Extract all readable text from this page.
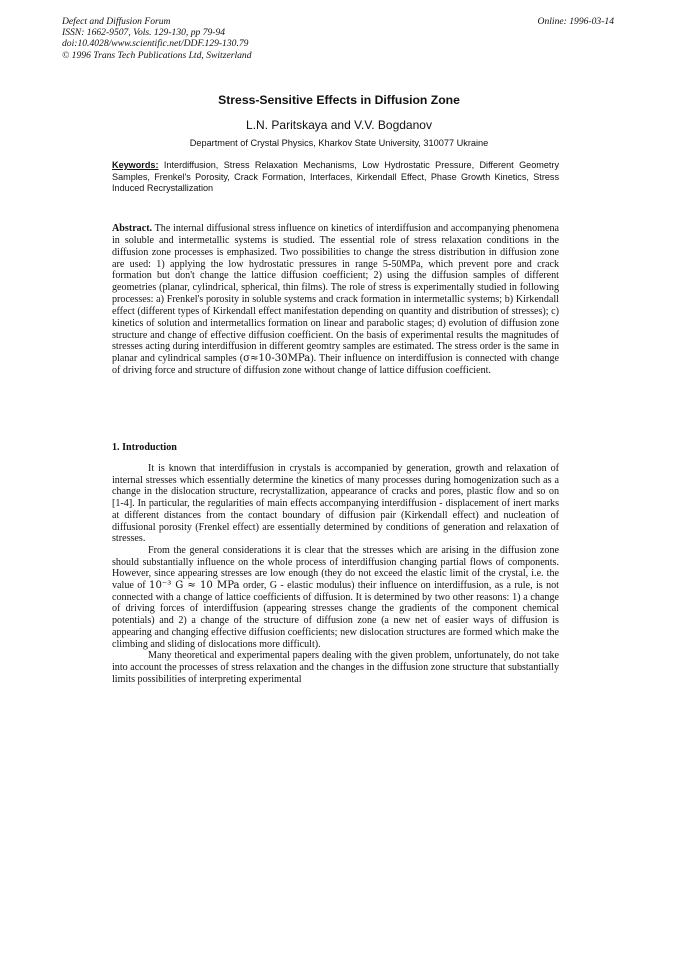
Defect and Diffusion Forum
ISSN: 1662-9507, Vols. 129-130, pp 79-94
doi:10.4028/www.scientific.net/DDF.129-130.79
© 1996 Trans Tech Publications Ltd, Switzerland
Online: 1996-03-14
Stress-Sensitive Effects in Diffusion Zone
L.N. Paritskaya and V.V. Bogdanov
Department of Crystal Physics, Kharkov State University, 310077 Ukraine
Keywords: Interdiffusion, Stress Relaxation Mechanisms, Low Hydrostatic Pressure, Different Geometry Samples, Frenkel's Porosity, Crack Formation, Interfaces, Kirkendall Effect, Phase Growth Kinetics, Stress Induced Recrystallization
Abstract. The internal diffusional stress influence on kinetics of interdiffusion and accompanying phenomena in soluble and intermetallic systems is studied. The essential role of stress relaxation conditions in the diffusion zone processes is emphasized. Two possibilities to change the stress distribution in diffusion zone are used: 1) applying the low hydrostatic pressures in range 5-50MPa, which prevent pore and crack formation but don't change the lattice diffusion coefficient; 2) using the diffusion samples of different geometries (planar, cylindrical, spherical, thin films). The role of stress is experimentally studied in following processes: a) Frenkel's porosity in soluble systems and crack formation in intermetallic systems; b) Kirkendall effect (different types of Kirkendall effect manifestation depending on quantity and distribution of stresses); c) kinetics of solution and intermetallics formation on linear and parabolic stages; d) evolution of diffusion zone structure and change of effective diffusion coefficient. On the basis of experimental results the magnitudes of stresses acting during interdiffusion in different geomtry samples are estimated. The stress order is the same in planar and cylindrical samples (σ≈10-30MPa). Their influence on interdiffusion is connected with change of driving force and structure of diffusion zone without change of lattice diffusion coefficient.
1. Introduction

It is known that interdiffusion in crystals is accompanied by generation, growth and relaxation of internal stresses which essentially determine the kinetics of many processes during homogenization such as a change in the dislocation structure, recrystallization, appearance of cracks and pores, plastic flow and so on [1-4]. In particular, the regularities of main effects accompanying interdiffusion - displacement of inert marks at different distances from the contact boundary of diffusion pair (Kirkendall effect) and nucleation of diffusional porosity (Frenkel effect) are essentially determined by conditions of generation and relaxation of stresses.

From the general considerations it is clear that the stresses which are arising in the diffusion zone should substantially influence on the whole process of interdiffusion changing partial flows of components. However, since appearing stresses are low enough (they do not exceed the elastic limit of the crystal, i.e. the value of 10⁻³ G ≈ 10 MPa order, G - elastic modulus) their influence on interdiffusion, as a rule, is not connected with a change of lattice coefficients of diffusion. It is determined by two other reasons: 1) a change of driving forces of interdiffusion (appearing stresses change the gradients of the component chemical potentials) and 2) a change of the structure of diffusion zone (a new net of easier ways of diffusion is appearing and changing effective diffusion coefficients; new dislocation structures are formed which make the climbing and sliding of dislocations more difficult).

Many theoretical and experimental papers dealing with the given problem, unfortunately, do not take into account the processes of stress relaxation and the changes in the diffusion zone structure that substantially limits possibilities of interpreting experimental
